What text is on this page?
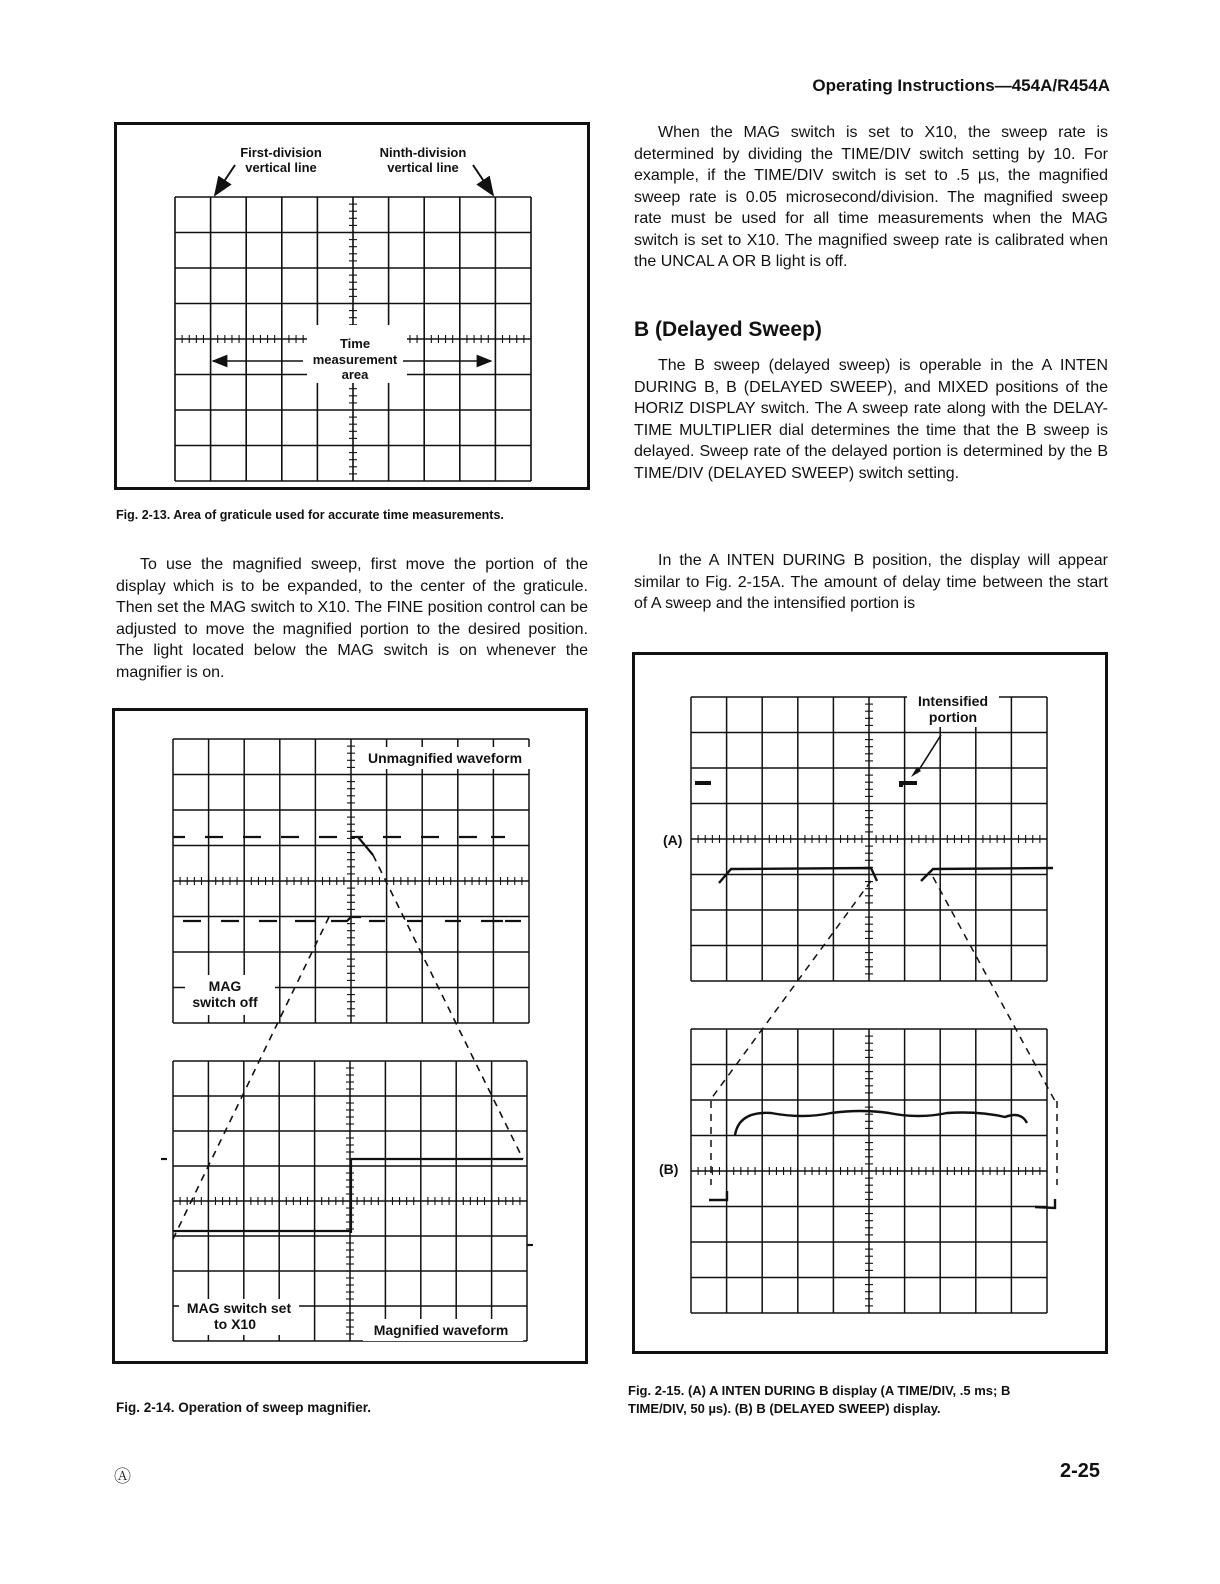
Operating Instructions—454A/R454A
First-division
vertical line
Ninth-division
vertical line
Time
measurement
area
Fig. 2-13. Area of graticule used for accurate time measurements.

To use the magnified sweep, first move the portion of the display which is to be expanded, to the center of the graticule. Then set the MAG switch to X10. The FINE position control can be adjusted to move the magnified portion to the desired position. The light located below the MAG switch is on whenever the magnifier is on.

MAG
switch off
Unmagnified waveform
MAG switch set
to X10	Magnified waveform
Fig. 2-14. Operation of sweep magnifier.

When the MAG switch is set to X10, the sweep rate is determined by dividing the TIME/DIV switch setting by 10. For example, if the TIME/DIV switch is set to .5 µs, the magnified sweep rate is 0.05 microsecond/division. The magnified sweep rate must be used for all time measurements when the MAG switch is set to X10. The magnified sweep rate is calibrated when the UNCAL A OR B light is off.

B (Delayed Sweep)

The B sweep (delayed sweep) is operable in the A INTEN DURING B, B (DELAYED SWEEP), and MIXED positions of the HORIZ DISPLAY switch. The A sweep rate along with the DELAY-TIME MULTIPLIER dial determines the time that the B sweep is delayed. Sweep rate of the delayed portion is determined by the B TIME/DIV (DELAYED SWEEP) switch setting.

In the A INTEN DURING B position, the display will appear similar to Fig. 2-15A. The amount of delay time between the start of A sweep and the intensified portion is

Intensified
portion
(A)
(B)
Fig. 2-15. (A) A INTEN DURING B display (A TIME/DIV, .5 ms; B
TIME/DIV, 50 µs). (B) B (DELAYED SWEEP) display.
Ⓐ	2-25
